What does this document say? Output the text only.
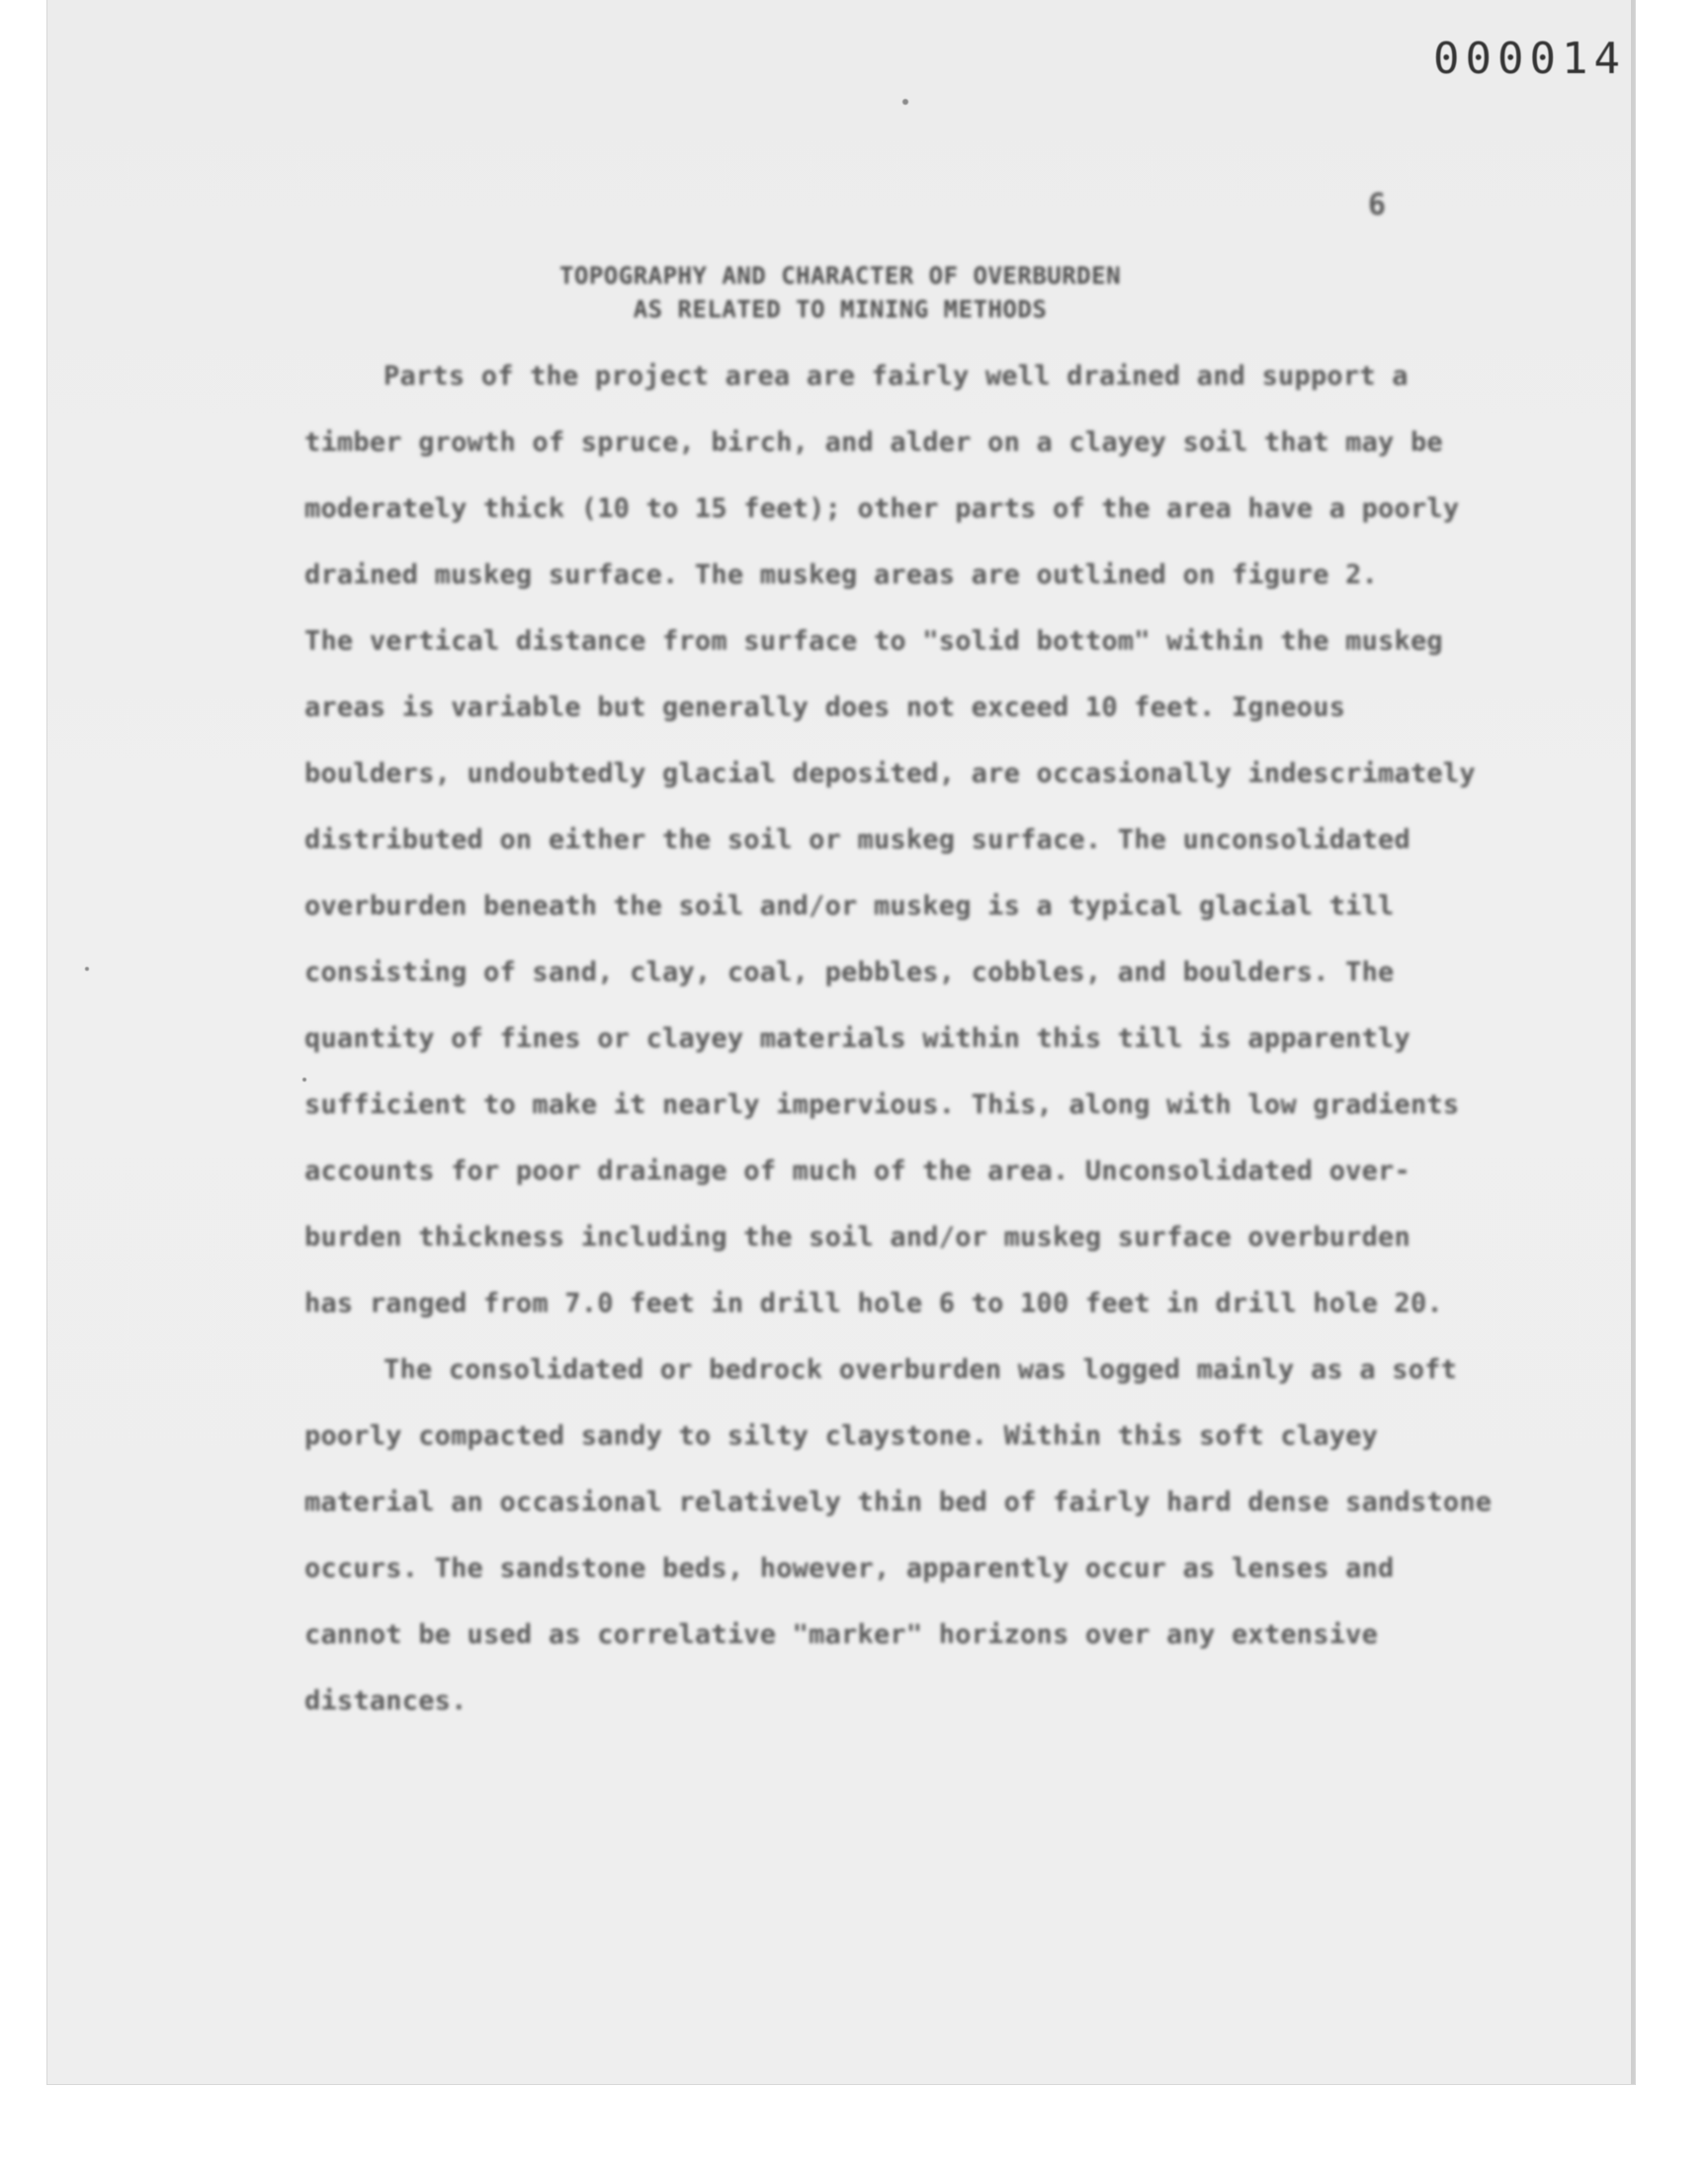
000014
6
TOPOGRAPHY AND CHARACTER OF OVERBURDEN
AS RELATED TO MINING METHODS
Parts of the project area are fairly well drained and support a
timber growth of spruce, birch, and alder on a clayey soil that may be
moderately thick (10 to 15 feet); other parts of the area have a poorly
drained muskeg surface. The muskeg areas are outlined on figure 2.
The vertical distance from surface to "solid bottom" within the muskeg
areas is variable but generally does not exceed 10 feet. Igneous
boulders, undoubtedly glacial deposited, are occasionally indescrimately
distributed on either the soil or muskeg surface. The unconsolidated
overburden beneath the soil and/or muskeg is a typical glacial till
consisting of sand, clay, coal, pebbles, cobbles, and boulders. The
quantity of fines or clayey materials within this till is apparently
sufficient to make it nearly impervious. This, along with low gradients
accounts for poor drainage of much of the area. Unconsolidated over-
burden thickness including the soil and/or muskeg surface overburden
has ranged from 7.0 feet in drill hole 6 to 100 feet in drill hole 20.
The consolidated or bedrock overburden was logged mainly as a soft
poorly compacted sandy to silty claystone. Within this soft clayey
material an occasional relatively thin bed of fairly hard dense sandstone
occurs. The sandstone beds, however, apparently occur as lenses and
cannot be used as correlative "marker" horizons over any extensive
distances.
